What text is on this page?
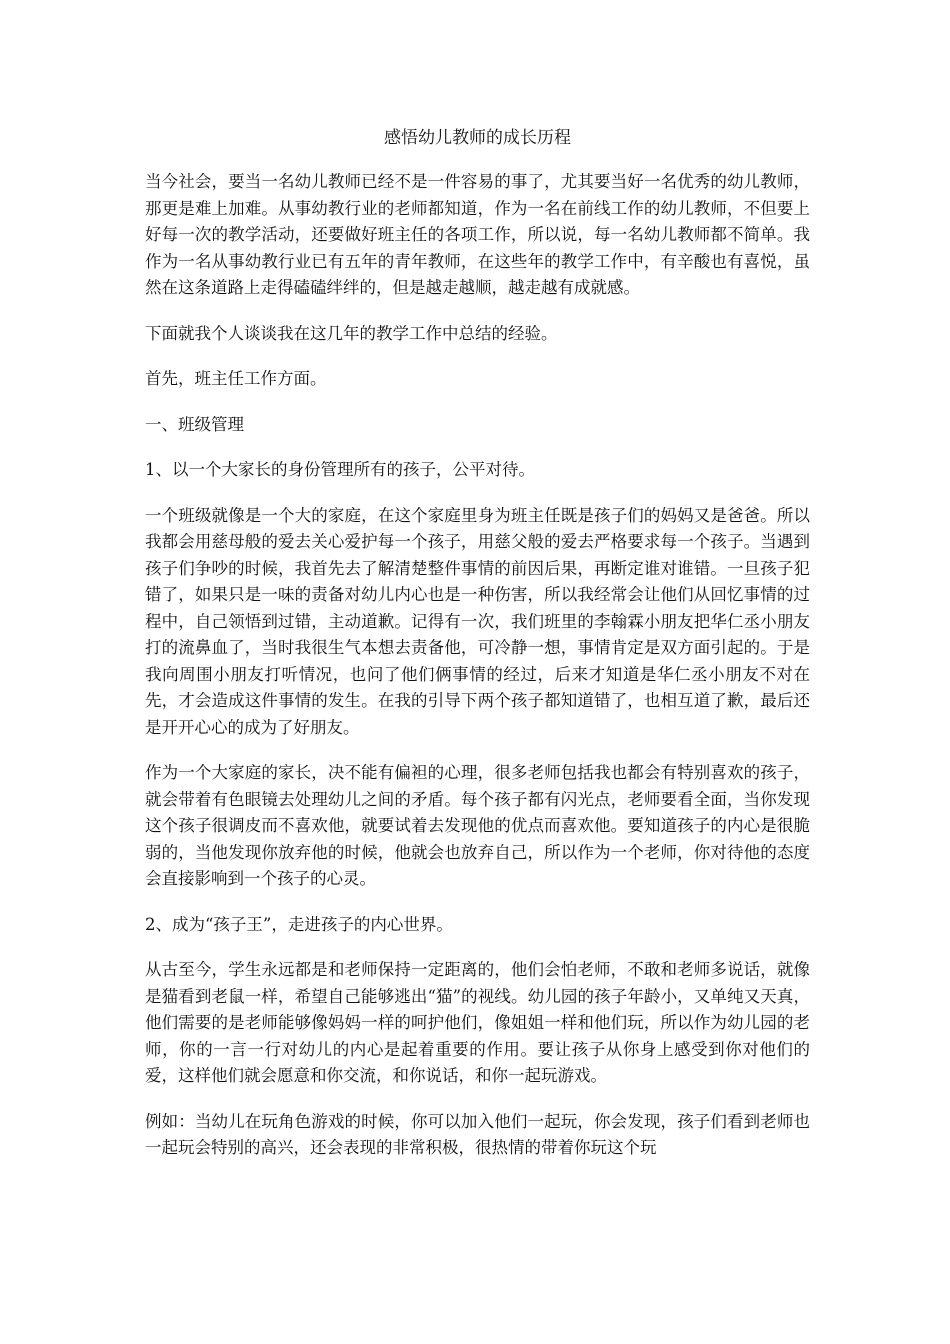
感悟幼儿教师的成长历程

当今社会，要当一名幼儿教师已经不是一件容易的事了，尤其要当好一名优秀的幼儿教师，那更是难上加难。从事幼教行业的老师都知道，作为一名在前线工作的幼儿教师，不但要上好每一次的教学活动，还要做好班主任的各项工作，所以说，每一名幼儿教师都不简单。我作为一名从事幼教行业已有五年的青年教师，在这些年的教学工作中，有辛酸也有喜悦，虽然在这条道路上走得磕磕绊绊的，但是越走越顺，越走越有成就感。

下面就我个人谈谈我在这几年的教学工作中总结的经验。

首先，班主任工作方面。

一、班级管理

1、以一个大家长的身份管理所有的孩子，公平对待。

一个班级就像是一个大的家庭，在这个家庭里身为班主任既是孩子们的妈妈又是爸爸。所以我都会用慈母般的爱去关心爱护每一个孩子，用慈父般的爱去严格要求每一个孩子。当遇到孩子们争吵的时候，我首先去了解清楚整件事情的前因后果，再断定谁对谁错。一旦孩子犯错了，如果只是一味的责备对幼儿内心也是一种伤害，所以我经常会让他们从回忆事情的过程中，自己领悟到过错，主动道歉。记得有一次，我们班里的李翰霖小朋友把华仁丞小朋友打的流鼻血了，当时我很生气本想去责备他，可冷静一想，事情肯定是双方面引起的。于是我向周围小朋友打听情况，也问了他们俩事情的经过，后来才知道是华仁丞小朋友不对在先，才会造成这件事情的发生。在我的引导下两个孩子都知道错了，也相互道了歉，最后还是开开心心的成为了好朋友。

作为一个大家庭的家长，决不能有偏袒的心理，很多老师包括我也都会有特别喜欢的孩子，就会带着有色眼镜去处理幼儿之间的矛盾。每个孩子都有闪光点，老师要看全面，当你发现这个孩子很调皮而不喜欢他，就要试着去发现他的优点而喜欢他。要知道孩子的内心是很脆弱的，当他发现你放弃他的时候，他就会也放弃自己，所以作为一个老师，你对待他的态度会直接影响到一个孩子的心灵。

2、成为“孩子王”，走进孩子的内心世界。

从古至今，学生永远都是和老师保持一定距离的，他们会怕老师，不敢和老师多说话，就像是猫看到老鼠一样，希望自己能够逃出“猫”的视线。幼儿园的孩子年龄小，又单纯又天真，他们需要的是老师能够像妈妈一样的呵护他们，像姐姐一样和他们玩，所以作为幼儿园的老师，你的一言一行对幼儿的内心是起着重要的作用。要让孩子从你身上感受到你对他们的爱，这样他们就会愿意和你交流，和你说话，和你一起玩游戏。

例如：当幼儿在玩角色游戏的时候，你可以加入他们一起玩，你会发现，孩子们看到老师也一起玩会特别的高兴，还会表现的非常积极，很热情的带着你玩这个玩
